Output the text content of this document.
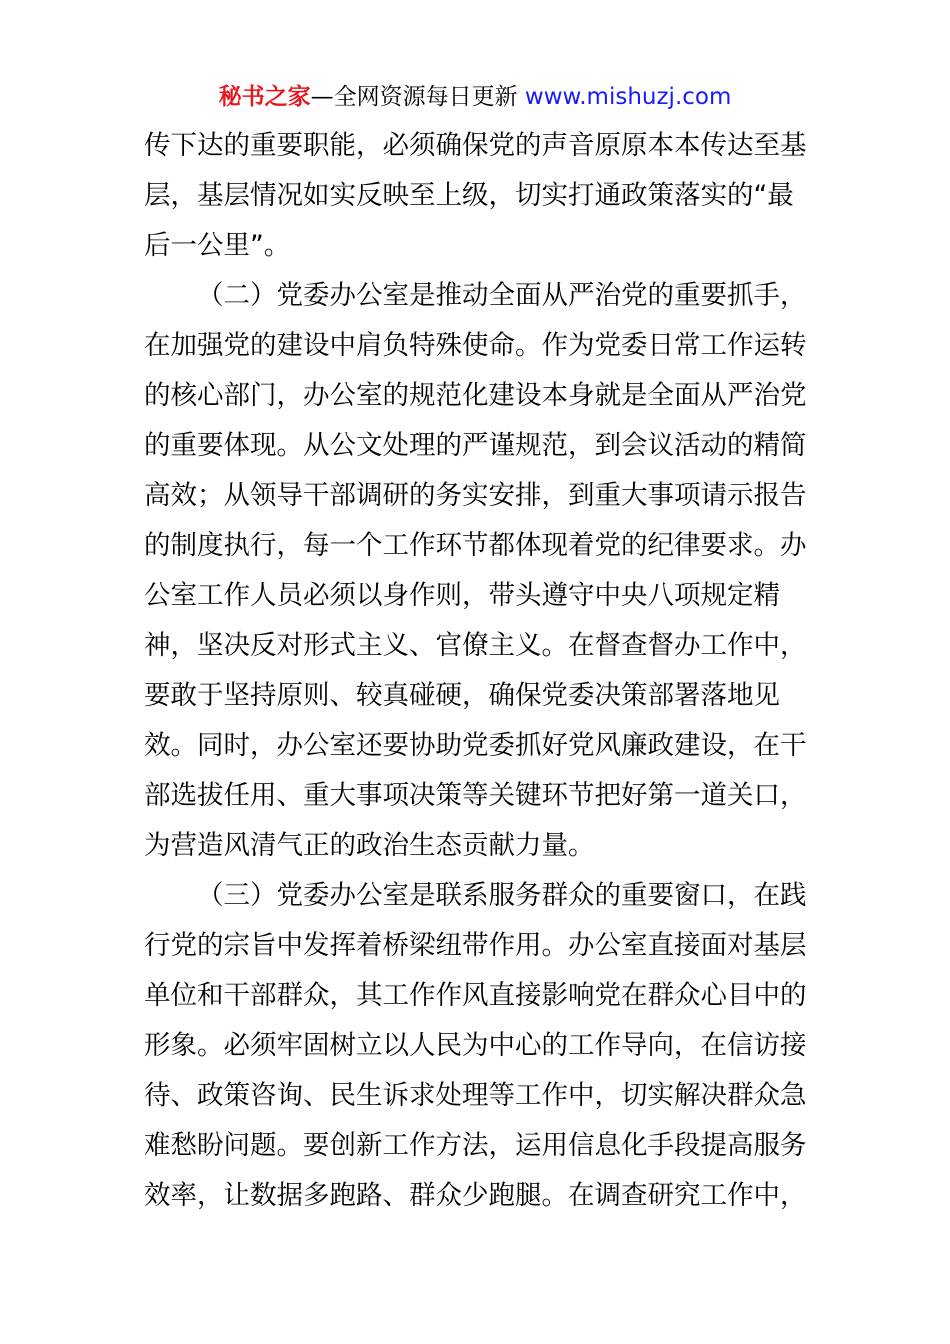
秘书之家—全网资源每日更新 www.mishuzj.com
传下达的重要职能，必须确保党的声音原原本本传达至基
层，基层情况如实反映至上级，切实打通政策落实的“最
后一公里”。
（二）党委办公室是推动全面从严治党的重要抓手，
在加强党的建设中肩负特殊使命。作为党委日常工作运转
的核心部门，办公室的规范化建设本身就是全面从严治党
的重要体现。从公文处理的严谨规范，到会议活动的精简
高效；从领导干部调研的务实安排，到重大事项请示报告
的制度执行，每一个工作环节都体现着党的纪律要求。办
公室工作人员必须以身作则，带头遵守中央八项规定精
神，坚决反对形式主义、官僚主义。在督查督办工作中，
要敢于坚持原则、较真碰硬，确保党委决策部署落地见
效。同时，办公室还要协助党委抓好党风廉政建设，在干
部选拔任用、重大事项决策等关键环节把好第一道关口，
为营造风清气正的政治生态贡献力量。
（三）党委办公室是联系服务群众的重要窗口，在践
行党的宗旨中发挥着桥梁纽带作用。办公室直接面对基层
单位和干部群众，其工作作风直接影响党在群众心目中的
形象。必须牢固树立以人民为中心的工作导向，在信访接
待、政策咨询、民生诉求处理等工作中，切实解决群众急
难愁盼问题。要创新工作方法，运用信息化手段提高服务
效率，让数据多跑路、群众少跑腿。在调查研究工作中，
